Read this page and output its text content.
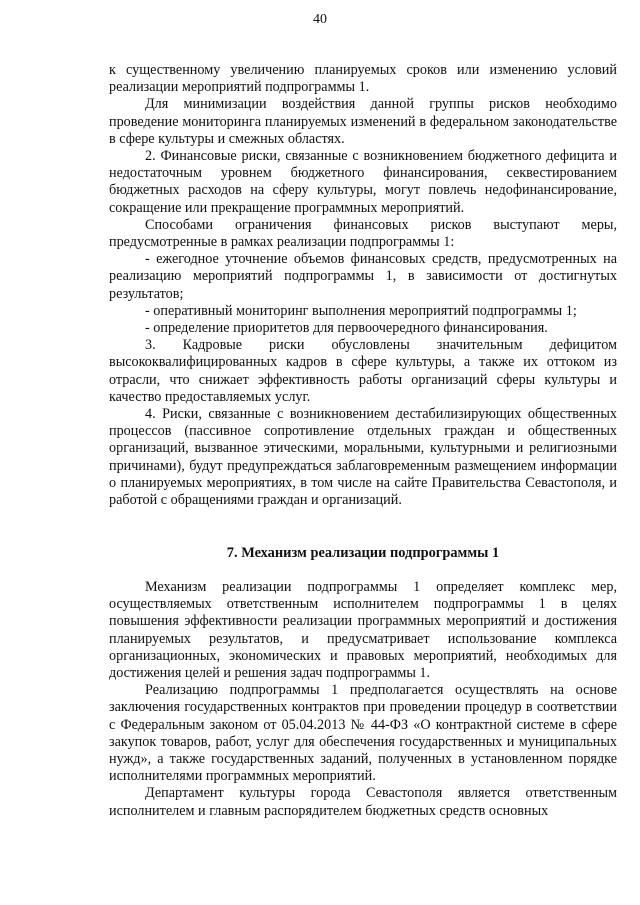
40

к существенному увеличению планируемых сроков или изменению условий реализации мероприятий подпрограммы 1.

Для минимизации воздействия данной группы рисков необходимо проведение мониторинга планируемых изменений в федеральном законодательстве в сфере культуры и смежных областях.

2. Финансовые риски, связанные с возникновением бюджетного дефицита и недостаточным уровнем бюджетного финансирования, секвестированием бюджетных расходов на сферу культуры, могут повлечь недофинансирование, сокращение или прекращение программных мероприятий.

Способами ограничения финансовых рисков выступают меры, предусмотренные в рамках реализации подпрограммы 1:

- ежегодное уточнение объемов финансовых средств, предусмотренных на реализацию мероприятий подпрограммы 1, в зависимости от достигнутых результатов;

- оперативный мониторинг выполнения мероприятий подпрограммы 1;

- определение приоритетов для первоочередного финансирования.

3. Кадровые риски обусловлены значительным дефицитом высококвалифицированных кадров в сфере культуры, а также их оттоком из отрасли, что снижает эффективность работы организаций сферы культуры и качество предоставляемых услуг.

4. Риски, связанные с возникновением дестабилизирующих общественных процессов (пассивное сопротивление отдельных граждан и общественных организаций, вызванное этическими, моральными, культурными и религиозными причинами), будут предупреждаться заблаговременным размещением информации о планируемых мероприятиях, в том числе на сайте Правительства Севастополя, и работой с обращениями граждан и организаций.

7. Механизм реализации подпрограммы 1

Механизм реализации подпрограммы 1 определяет комплекс мер, осуществляемых ответственным исполнителем подпрограммы 1 в целях повышения эффективности реализации программных мероприятий и достижения планируемых результатов, и предусматривает использование комплекса организационных, экономических и правовых мероприятий, необходимых для достижения целей и решения задач подпрограммы 1.

Реализацию подпрограммы 1 предполагается осуществлять на основе заключения государственных контрактов при проведении процедур в соответствии с Федеральным законом от 05.04.2013 № 44-ФЗ «О контрактной системе в сфере закупок товаров, работ, услуг для обеспечения государственных и муниципальных нужд», а также государственных заданий, полученных в установленном порядке исполнителями программных мероприятий.

Департамент культуры города Севастополя является ответственным исполнителем и главным распорядителем бюджетных средств основных
